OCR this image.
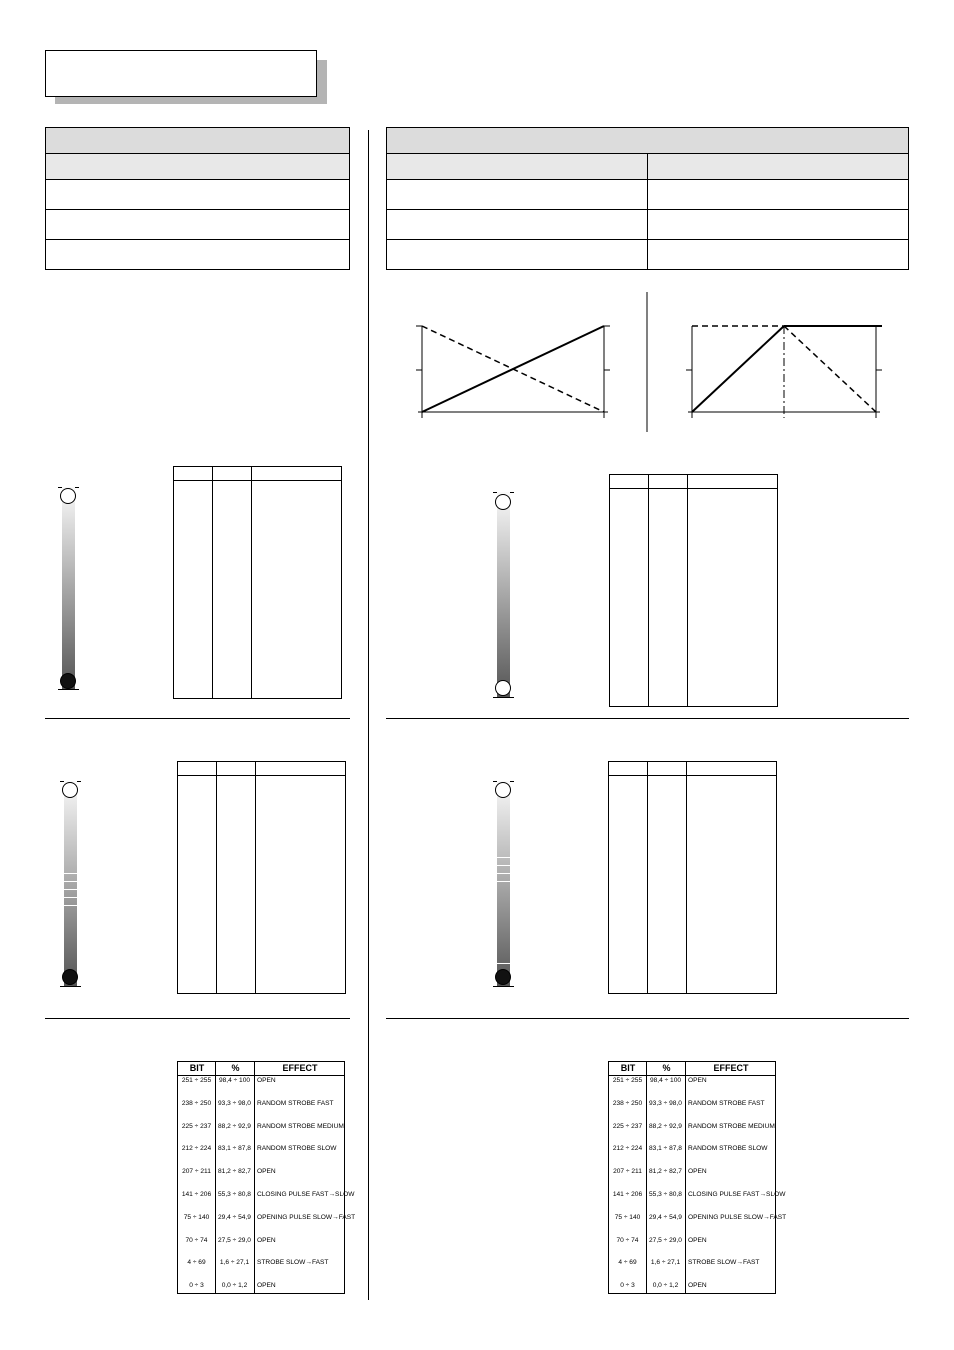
BIT	%	EFFECT
251 ÷ 255	98,4 ÷ 100	OPEN
238 ÷ 250	93,3 ÷ 98,0 RANDOM STROBE FAST
225 ÷ 237	88,2 ÷ 92,9 RANDOM STROBE MEDIUM
212 ÷ 224	83,1 ÷ 87,8 RANDOM STROBE SLOW
207 ÷ 211	81,2 ÷ 82,7 OPEN
141 ÷ 206	55,3 ÷ 80,8 CLOSING PULSE FAST→SLOW
75 ÷ 140	29,4 ÷ 54,9 OPENING PULSE SLOW→FAST
70 ÷ 74	27,5 ÷ 29,0 OPEN
4 ÷ 69	1,6 ÷ 27,1	STROBE SLOW→FAST
0 ÷ 3	0,0 ÷ 1,2	OPEN
BIT	%	EFFECT
251 ÷ 255	98,4 ÷ 100	OPEN
238 ÷ 250	93,3 ÷ 98,0 RANDOM STROBE FAST
225 ÷ 237	88,2 ÷ 92,9 RANDOM STROBE MEDIUM
212 ÷ 224	83,1 ÷ 87,8 RANDOM STROBE SLOW
207 ÷ 211	81,2 ÷ 82,7 OPEN
141 ÷ 206	55,3 ÷ 80,8 CLOSING PULSE FAST→SLOW
75 ÷ 140	29,4 ÷ 54,9 OPENING PULSE SLOW→FAST
70 ÷ 74	27,5 ÷ 29,0 OPEN
4 ÷ 69	1,6 ÷ 27,1	STROBE SLOW→FAST
0 ÷ 3	0,0 ÷ 1,2	OPEN
